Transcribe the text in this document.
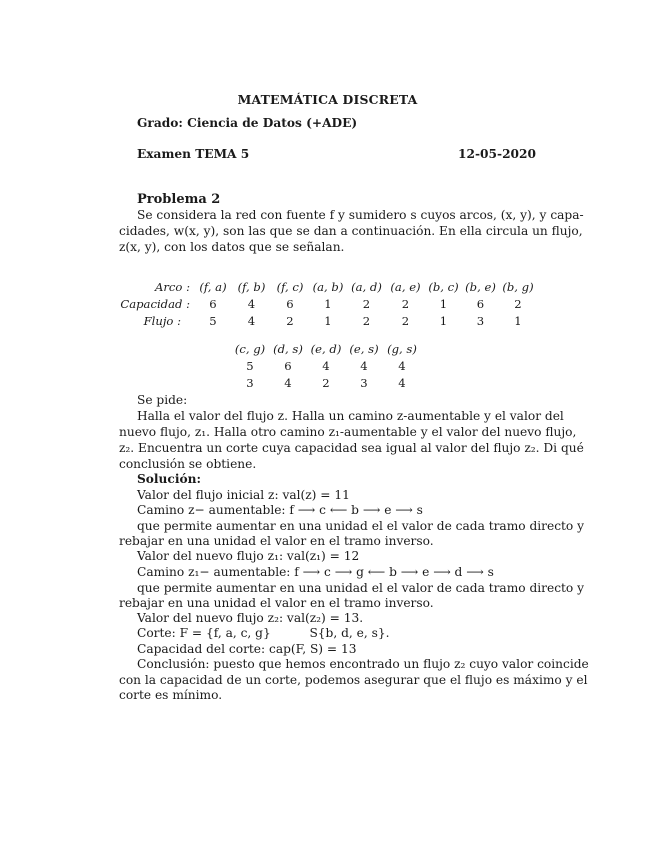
MATEMÁTICA DISCRETA
Grado: Ciencia de Datos (+ADE)
Examen TEMA 5	12-05-2020
Problema 2
Se considera la red con fuente f y sumidero s cuyos arcos, (x, y), y capa-
cidades, w(x, y), son las que se dan a continuación. En ella circula un flujo,
z(x, y), con los datos que se señalan.
Arco :	(f, a)	(f, b)	(f, c)	(a, b)	(a, d)	(a, e)	(b, c)	(b, e)	(b, g)
Capacidad :	6	4	6	1	2	2	1	6	2
Flujo :	5	4	2	1	2	2	1	3	1
(c, g)	(d, s)	(e, d)	(e, s)	(g, s)
5	6	4	4	4
3	4	2	3	4
Se pide:
Halla el valor del flujo z. Halla un camino z-aumentable y el valor del
nuevo flujo, z₁. Halla otro camino z₁-aumentable y el valor del nuevo flujo,
z₂. Encuentra un corte cuya capacidad sea igual al valor del flujo z₂. Di qué
conclusión se obtiene.
Solución:
Valor del flujo inicial z: val(z) = 11
Camino z− aumentable: f ⟶ c ⟵ b ⟶ e ⟶ s
que permite aumentar en una unidad el el valor de cada tramo directo y
rebajar en una unidad el valor en el tramo inverso.
Valor del nuevo flujo z₁: val(z₁) = 12
Camino z₁− aumentable: f ⟶ c ⟶ g ⟵ b ⟶ e ⟶ d ⟶ s
que permite aumentar en una unidad el el valor de cada tramo directo y
rebajar en una unidad el valor en el tramo inverso.
Valor del nuevo flujo z₂: val(z₂) = 13.
Corte: F = {f, a, c, g}          S{b, d, e, s}.
Capacidad del corte: cap(F, S) = 13
Conclusión: puesto que hemos encontrado un flujo z₂ cuyo valor coincide
con la capacidad de un corte, podemos asegurar que el flujo es máximo y el
corte es mínimo.
